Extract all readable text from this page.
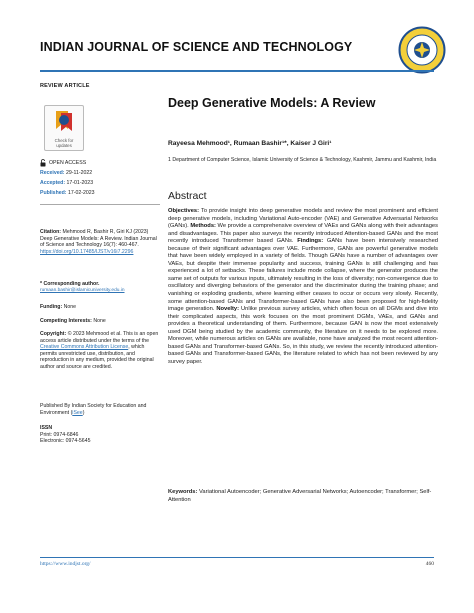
INDIAN JOURNAL OF SCIENCE AND TECHNOLOGY
REVIEW ARTICLE
Check for
updates
OPEN ACCESS
Received: 29-11-2022
Accepted: 17-01-2023
Published: 17-02-2023
Citation: Mehmood R, Bashir R, Giri KJ (2023) Deep Generative Models: A Review. Indian Journal of Science and Technology 16(7): 460-467. https://doi.org/10.17485/IJST/v16i7.2296
* Corresponding author.
rumaan.bashir@islamicuniversity.edu.in
Funding: None
Competing Interests: None
Copyright: © 2023 Mehmood et al. This is an open access article distributed under the terms of the Creative Commons Attribution License, which permits unrestricted use, distribution, and reproduction in any medium, provided the original author and source are credited.
Published By Indian Society for Education and Environment (iSee)
ISSN
Print: 0974-6846
Electronic: 0974-5645
Deep Generative Models: A Review
Rayeesa Mehmood¹, Rumaan Bashir¹*, Kaiser J Giri¹
1 Department of Computer Science, Islamic University of Science & Technology, Kashmir, Jammu and Kashmir, India
Abstract
Objectives: To provide insight into deep generative models and review the most prominent and efficient deep generative models, including Variational Auto-encoder (VAE) and Generative Adversarial Networks (GANs). Methods: We provide a comprehensive overview of VAEs and GANs along with their advantages and disadvantages. This paper also surveys the recently introduced Attention-based GANs and the most recently introduced Transformer based GANs. Findings: GANs have been intensively researched because of their significant advantages over VAE. Furthermore, GANs are powerful generative models that have been widely employed in a variety of fields. Though GANs have a number of advantages over VAEs, but despite their immense popularity and success, training GANs is still challenging and has experienced a lot of setbacks. These failures include mode collapse, where the generator produces the same set of outputs for various inputs, ultimately resulting in the loss of diversity; non-convergence due to oscillatory and diverging behaviors of the generator and the discriminator during the training phase; and vanishing or exploding gradients, where learning either ceases to occur or occurs very slowly. Recently, some attention-based GANs and Transformer-based GANs have also been proposed for high-fidelity image generation. Novelty: Unlike previous survey articles, which often focus on all DGMs and dive into their complicated aspects, this work focuses on the most prominent DGMs, VAEs, and GANs and provides a theoretical understanding of them. Furthermore, because GAN is now the most extensively used DGM being studied by the academic community, the literature on it needs to be explored more. Moreover, while numerous articles on GANs are available, none have analyzed the most recent attention-based GANs and Transformer-based GANs. So, in this study, we review the recently introduced attention-based GANs and Transformer-based GANs, the literature related to which has not been reviewed by any survey paper.
Keywords: Variational Autoencoder; Generative Adversarial Networks; Autoencoder; Transformer; Self-Attention
https://www.indjst.org/	460
